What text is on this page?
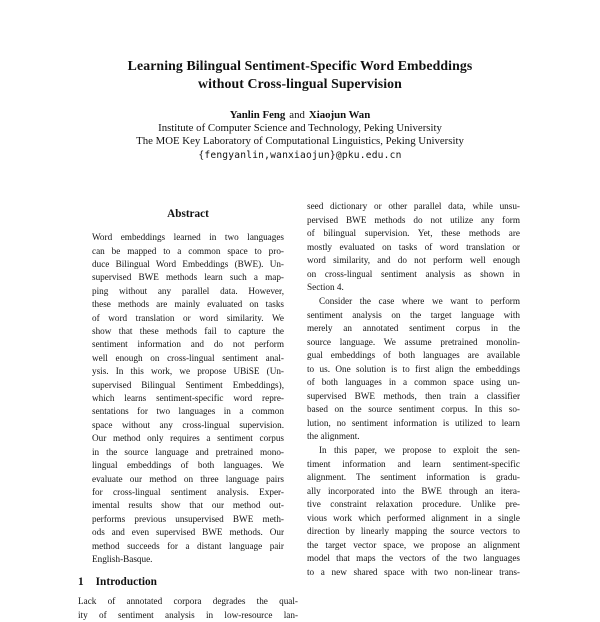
Learning Bilingual Sentiment-Specific Word Embeddings
without Cross-lingual Supervision
Yanlin Feng and Xiaojun Wan
Institute of Computer Science and Technology, Peking University
The MOE Key Laboratory of Computational Linguistics, Peking University
{fengyanlin,wanxiaojun}@pku.edu.cn
Abstract
Word embeddings learned in two languages
can be mapped to a common space to pro-
duce Bilingual Word Embeddings (BWE). Un-
supervised BWE methods learn such a map-
ping without any parallel data. However,
these methods are mainly evaluated on tasks
of word translation or word similarity. We
show that these methods fail to capture the
sentiment information and do not perform
well enough on cross-lingual sentiment anal-
ysis. In this work, we propose UBiSE (Un-
supervised Bilingual Sentiment Embeddings),
which learns sentiment-specific word repre-
sentations for two languages in a common
space without any cross-lingual supervision.
Our method only requires a sentiment corpus
in the source language and pretrained mono-
lingual embeddings of both languages. We
evaluate our method on three language pairs
for cross-lingual sentiment analysis. Exper-
imental results show that our method out-
performs previous unsupervised BWE meth-
ods and even supervised BWE methods. Our
method succeeds for a distant language pair
English-Basque.
1 Introduction
Lack of annotated corpora degrades the qual-
ity of sentiment analysis in low-resource lan-
seed dictionary or other parallel data, while unsu-
pervised BWE methods do not utilize any form
of bilingual supervision. Yet, these methods are
mostly evaluated on tasks of word translation or
word similarity, and do not perform well enough
on cross-lingual sentiment analysis as shown in
Section 4.
Consider the case where we want to perform
sentiment analysis on the target language with
merely an annotated sentiment corpus in the
source language. We assume pretrained monolin-
gual embeddings of both languages are available
to us. One solution is to first align the embeddings
of both languages in a common space using un-
supervised BWE methods, then train a classifier
based on the source sentiment corpus. In this so-
lution, no sentiment information is utilized to learn
the alignment.
In this paper, we propose to exploit the sen-
timent information and learn sentiment-specific
alignment. The sentiment information is gradu-
ally incorporated into the BWE through an itera-
tive constraint relaxation procedure. Unlike pre-
vious work which performed alignment in a single
direction by linearly mapping the source vectors to
the target vector space, we propose an alignment
model that maps the vectors of the two languages
to a new shared space with two non-linear trans-
